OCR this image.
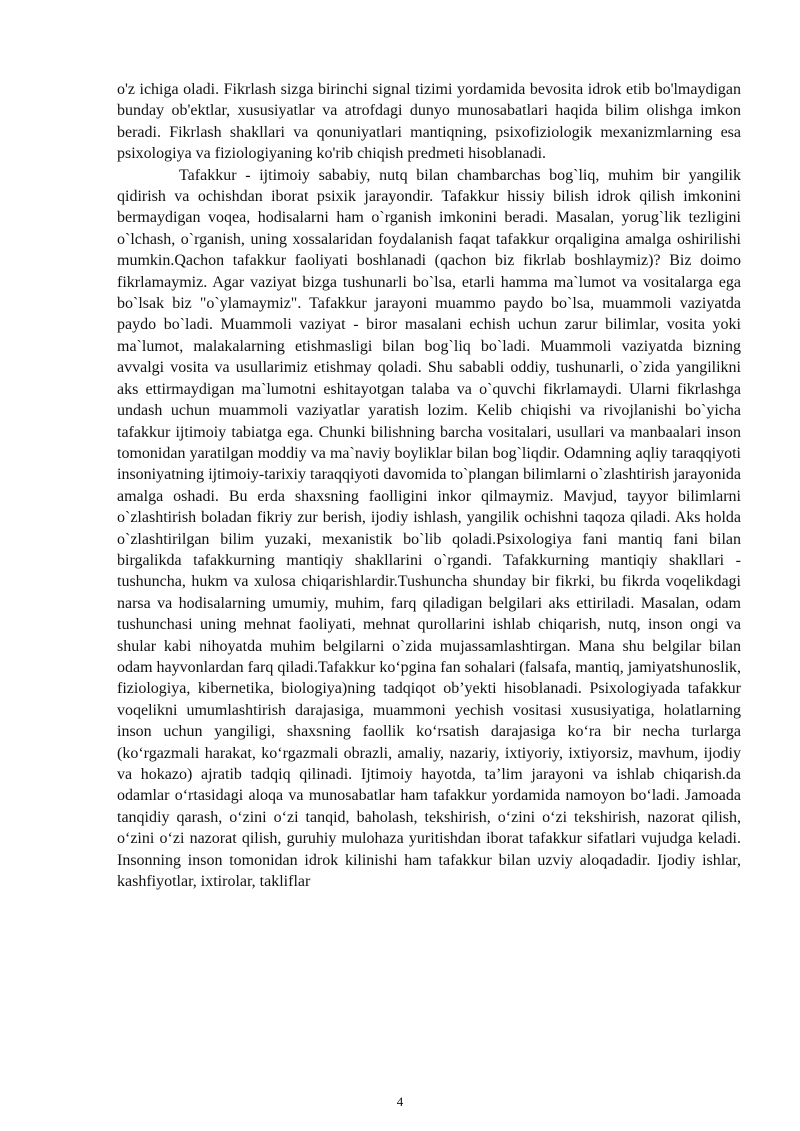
o'z ichiga oladi. Fikrlash sizga birinchi signal tizimi yordamida bevosita idrok etib bo'lmaydigan bunday ob'ektlar, xususiyatlar va atrofdagi dunyo munosabatlari haqida bilim olishga imkon beradi. Fikrlash shakllari va qonuniyatlari mantiqning, psixofiziologik mexanizmlarning esa psixologiya va fiziologiyaning ko'rib chiqish predmeti hisoblanadi.

Tafakkur - ijtimoiy sababiy, nutq bilan chambarchas bog`liq, muhim bir yangilik qidirish va ochishdan iborat psixik jarayondir. Tafakkur hissiy bilish idrok qilish imkonini bermaydigan voqea, hodisalarni ham o`rganish imkonini beradi. Masalan, yorug`lik tezligini o`lchash, o`rganish, uning xossalaridan foydalanish faqat tafakkur orqaligina amalga oshirilishi mumkin.Qachon tafakkur faoliyati boshlanadi (qachon biz fikrlab boshlaymiz)? Biz doimo fikrlamaymiz. Agar vaziyat bizga tushunarli bo`lsa, etarli hamma ma`lumot va vositalarga ega bo`lsak biz "o`ylamaymiz". Tafakkur jarayoni muammo paydo bo`lsa, muammoli vaziyatda paydo bo`ladi. Muammoli vaziyat - biror masalani echish uchun zarur bilimlar, vosita yoki ma`lumot, malakalarning etishmasligi bilan bog`liq bo`ladi. Muammoli vaziyatda bizning avvalgi vosita va usullarimiz etishmay qoladi. Shu sababli oddiy, tushunarli, o`zida yangilikni aks ettirmaydigan ma`lumotni eshitayotgan talaba va o`quvchi fikrlamaydi. Ularni fikrlashga undash uchun muammoli vaziyatlar yaratish lozim. Kelib chiqishi va rivojlanishi bo`yicha tafakkur ijtimoiy tabiatga ega. Chunki bilishning barcha vositalari, usullari va manbaalari inson tomonidan yaratilgan moddiy va ma`naviy boyliklar bilan bog`liqdir. Odamning aqliy taraqqiyoti insoniyatning ijtimoiy-tarixiy taraqqiyoti davomida to`plangan bilimlarni o`zlashtirish jarayonida amalga oshadi. Bu erda shaxsning faolligini inkor qilmaymiz. Mavjud, tayyor bilimlarni o`zlashtirish boladan fikriy zur berish, ijodiy ishlash, yangilik ochishni taqoza qiladi. Aks holda o`zlashtirilgan bilim yuzaki, mexanistik bo`lib qoladi.Psixologiya fani mantiq fani bilan birgalikda tafakkurning mantiqiy shakllarini o`rgandi. Tafakkurning mantiqiy shakllari -tushuncha, hukm va xulosa chiqarishlardir.Tushuncha shunday bir fikrki, bu fikrda voqelikdagi narsa va hodisalarning umumiy, muhim, farq qiladigan belgilari aks ettiriladi. Masalan, odam tushunchasi uning mehnat faoliyati, mehnat qurollarini ishlab chiqarish, nutq, inson ongi va shular kabi nihoyatda muhim belgilarni o`zida mujassamlashtirgan. Mana shu belgilar bilan odam hayvonlardan farq qiladi.Tafakkur ko‘pgina fan sohalari (falsafa, mantiq, jamiyatshunoslik, fiziologiya, kibernetika, biologiya)ning tadqiqot ob’yekti hisoblanadi. Psixologiyada tafakkur voqelikni umumlashtirish darajasiga, muammoni yechish vositasi xususiyatiga, holatlarning inson uchun yangiligi, shaxsning faollik ko‘rsatish darajasiga ko‘ra bir necha turlarga (ko‘rgazmali harakat, ko‘rgazmali obrazli, amaliy, nazariy, ixtiyoriy, ixtiyorsiz, mavhum, ijodiy va hokazo) ajratib tadqiq qilinadi. Ijtimoiy hayotda, ta’lim jarayoni va ishlab chiqarish.da odamlar o‘rtasidagi aloqa va munosabatlar ham tafakkur yordamida namoyon bo‘ladi. Jamoada tanqidiy qarash, o‘zini o‘zi tanqid, baholash, tekshirish, o‘zini o‘zi tekshirish, nazorat qilish, o‘zini o‘zi nazorat qilish, guruhiy mulohaza yuritishdan iborat tafakkur sifatlari vujudga keladi. Insonning inson tomonidan idrok kilinishi ham tafakkur bilan uzviy aloqadadir. Ijodiy ishlar, kashfiyotlar, ixtirolar, takliflar

4
